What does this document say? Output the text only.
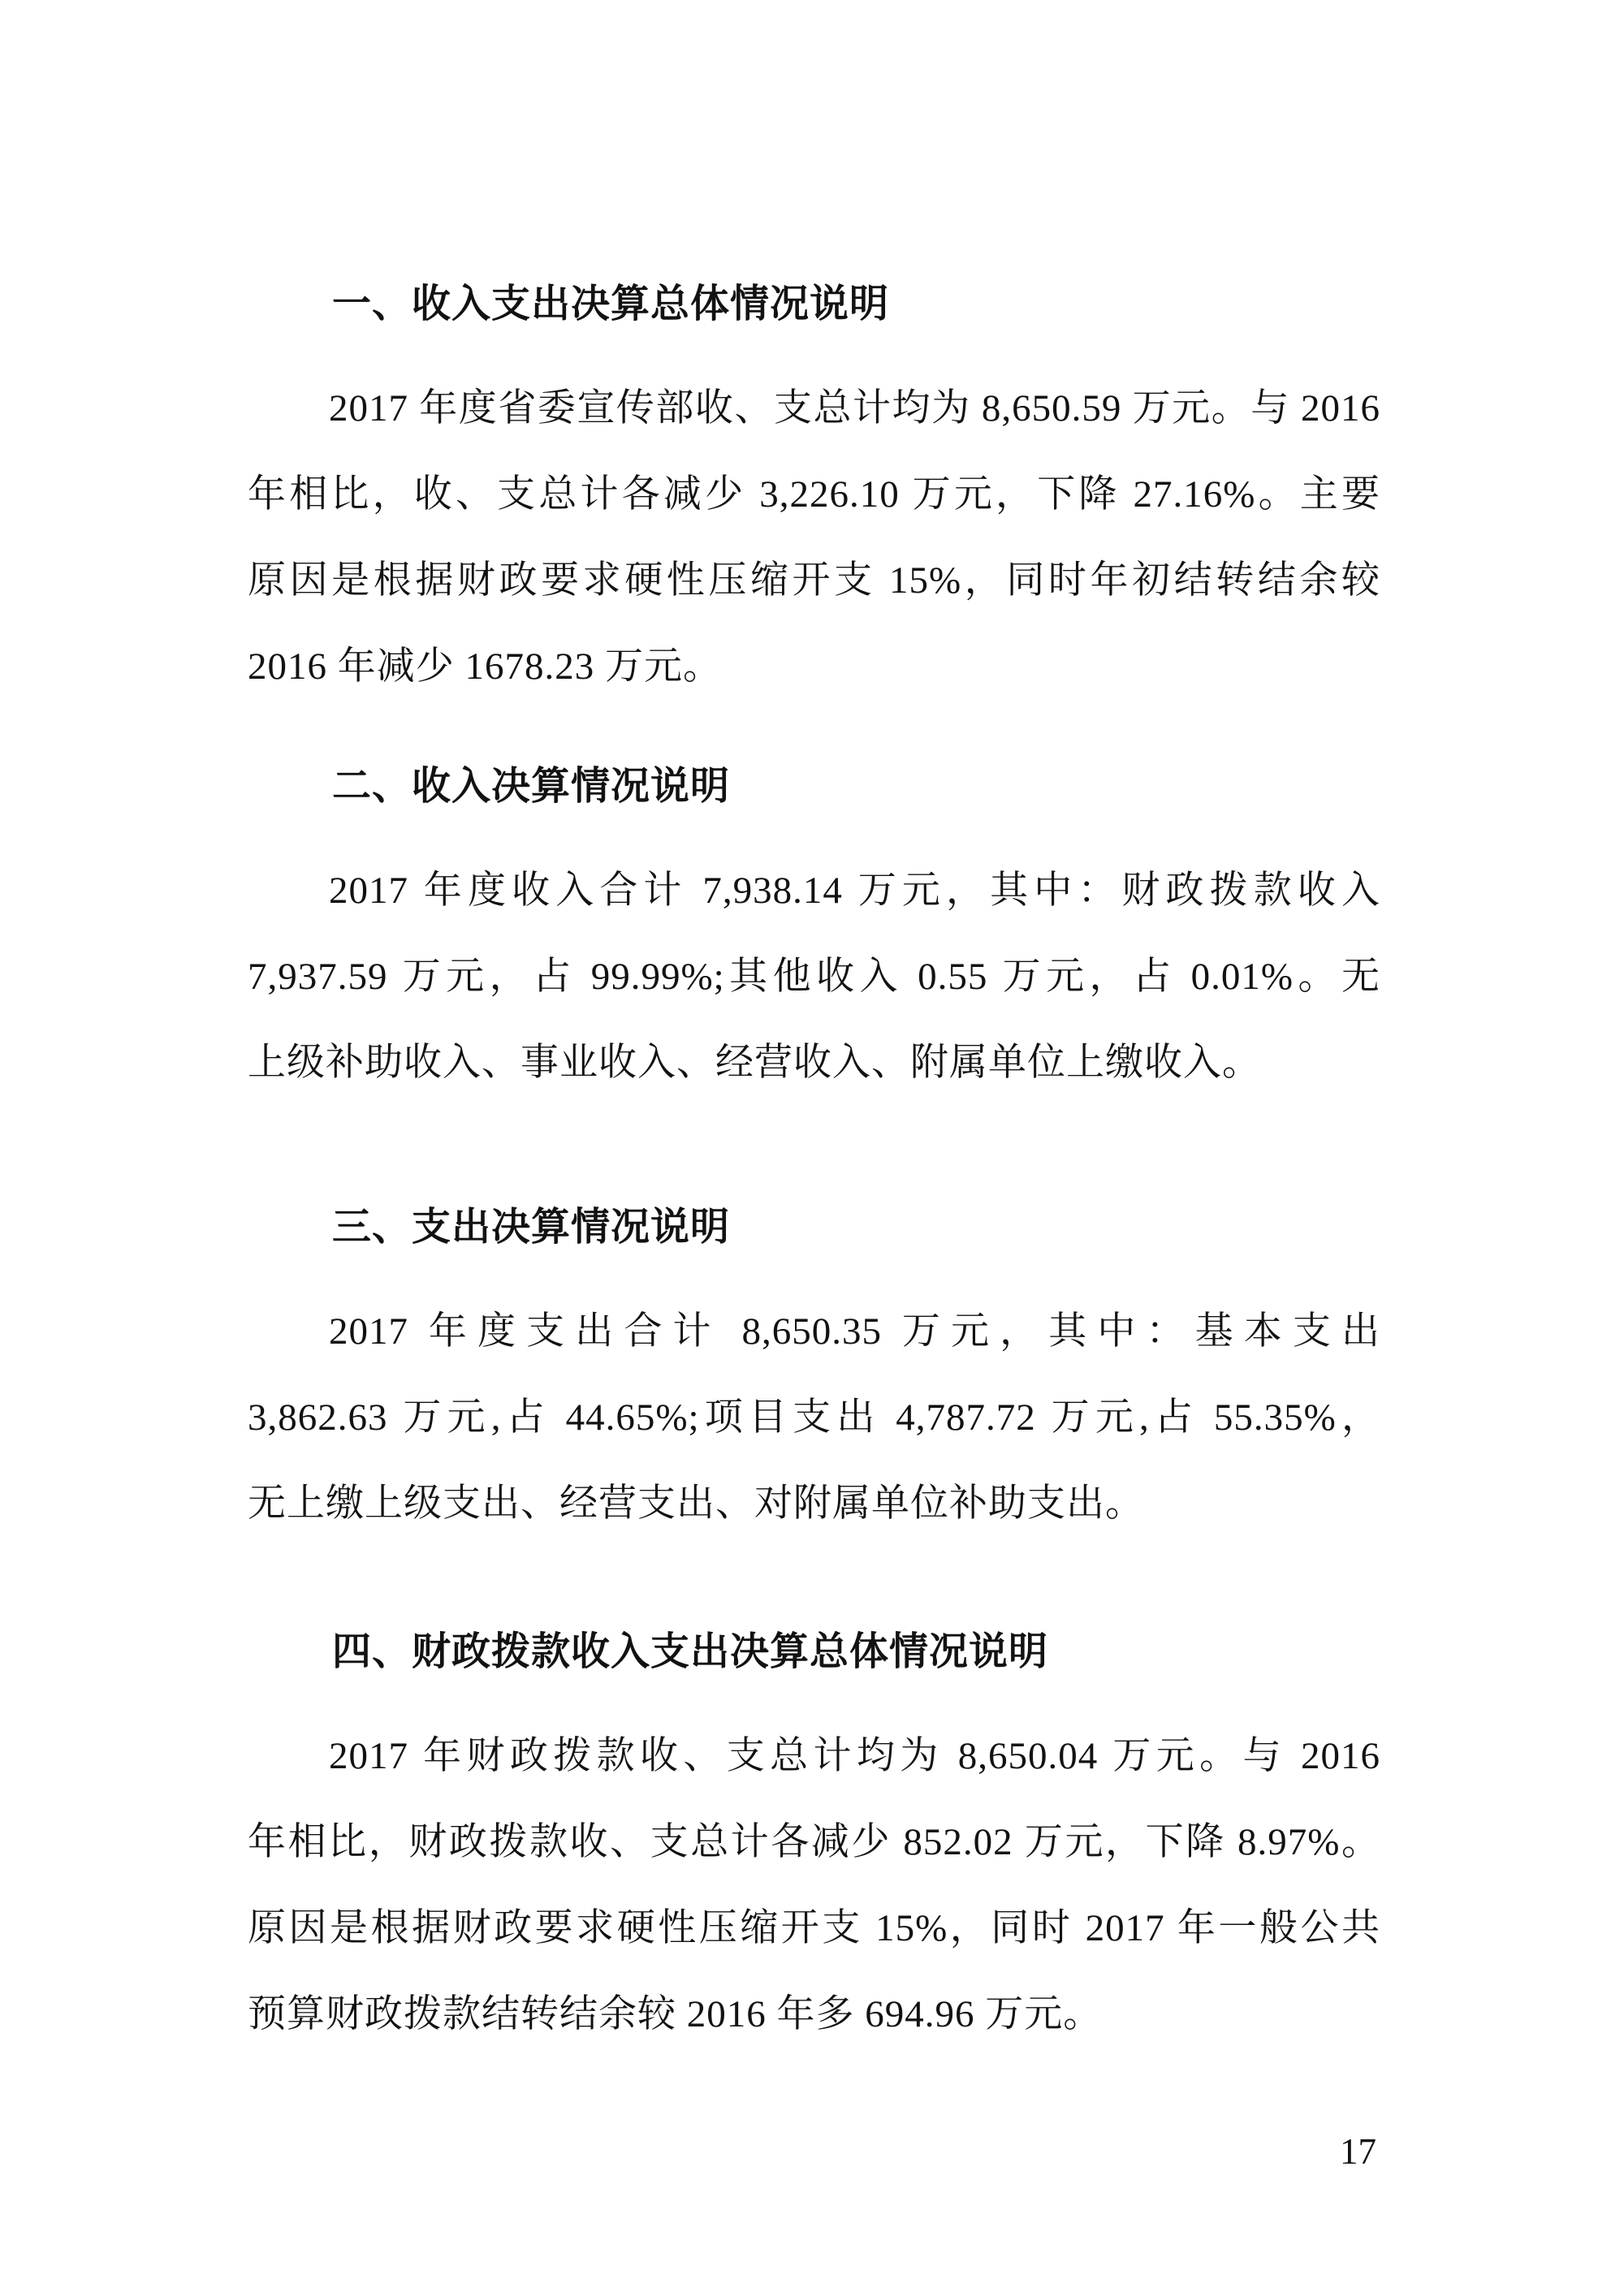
一、收入支出决算总体情况说明
2017 年度省委宣传部收、支总计均为 8,650.59 万元。与 2016
年相比，收、支总计各减少 3,226.10 万元，下降 27.16%。主要
原因是根据财政要求硬性压缩开支 15%，同时年初结转结余较
2016 年减少 1678.23 万元。
二、收入决算情况说明
2017 年度收入合计 7,938.14 万元，其中：财政拨款收入
7,937.59 万元，占 99.99%;其他收入 0.55 万元，占 0.01%。无
上级补助收入、事业收入、经营收入、附属单位上缴收入。
三、支出决算情况说明
2017 年度支出合计 8,650.35 万元，其中：基本支出
3,862.63 万元,占 44.65%;项目支出 4,787.72 万元,占 55.35%，
无上缴上级支出、经营支出、对附属单位补助支出。
四、财政拨款收入支出决算总体情况说明
2017 年财政拨款收、支总计均为 8,650.04 万元。与 2016
年相比，财政拨款收、支总计各减少 852.02 万元，下降 8.97%。
原因是根据财政要求硬性压缩开支 15%，同时 2017 年一般公共
预算财政拨款结转结余较 2016 年多 694.96 万元。
17
